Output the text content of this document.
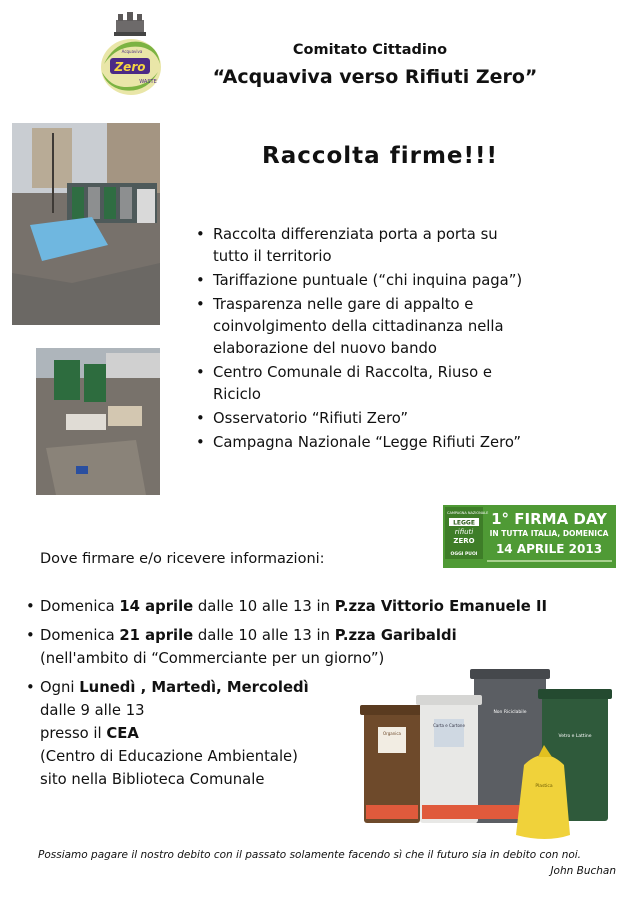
Zero
WASTE
Acquaviva	Comitato Cittadino
“Acquaviva verso Rifiuti Zero”
Raccolta firme!!!
• Raccolta differenziata porta a porta su
tutto il territorio
• Tariffazione puntuale (“chi inquina paga”)
• Trasparenza nelle gare di appalto e
coinvolgimento della cittadinanza nella
elaborazione del nuovo bando
• Centro Comunale di Raccolta, Riuso e
Riciclo
• Osservatorio “Rifiuti Zero”
• Campagna Nazionale “Legge Rifiuti Zero”
CAMPAGNA NAZIONALE
LEGGE
rifiuti
ZERO
OGGI PUOI
1° FIRMA DAY
IN TUTTA ITALIA, DOMENICA
14 APRILE 2013
Dove firmare e/o ricevere informazioni:
• Domenica 14 aprile dalle 10 alle 13 in P.zza Vittorio Emanuele II
• Domenica 21 aprile dalle 10 alle 13 in P.zza Garibaldi
(nell'ambito di “Commerciante per un giorno”)
• Ogni Lunedì , Martedì, Mercoledì
dalle 9 alle 13
presso il CEA
(Centro di Educazione Ambientale)
sito nella Biblioteca Comunale
Non Riciclabile
Vetro e Lattine
Organica
Carta e Cartone
Plastica
Possiamo pagare il nostro debito con il passato solamente facendo sì che il futuro sia in debito con noi.
John Buchan
